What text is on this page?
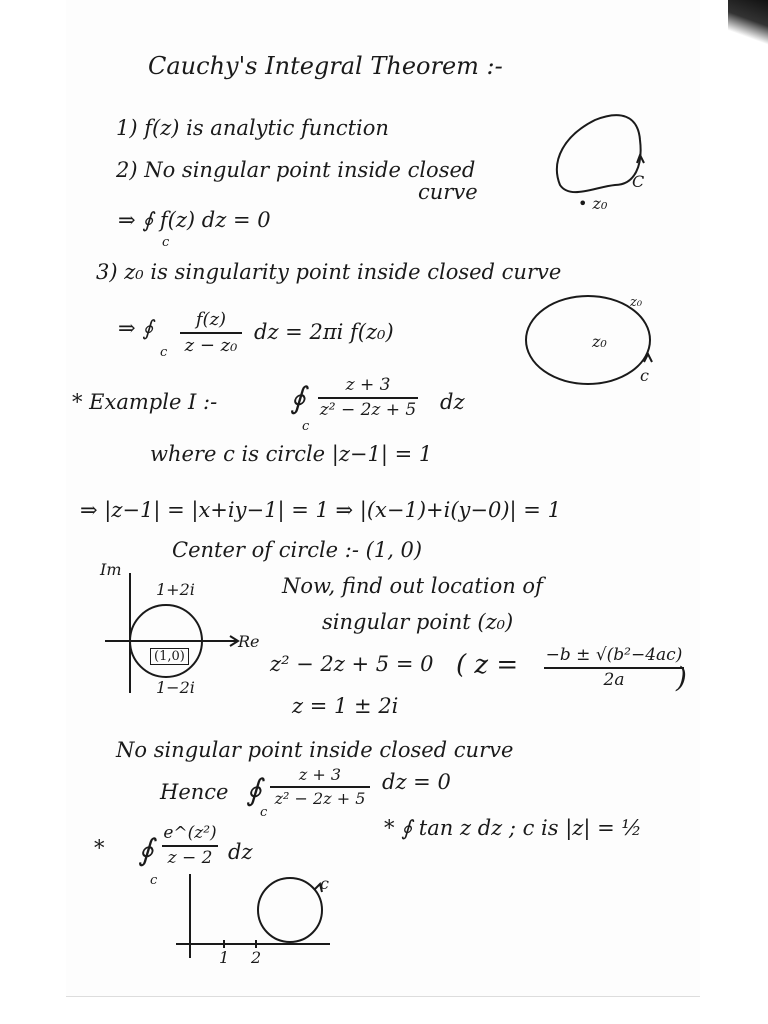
Cauchy's Integral Theorem :-
1) f(z) is analytic function
2) No singular point inside closed
curve
⇒ ∮ f(z) dz = 0
c
C
• z₀
3) z₀ is singularity point inside closed curve
⇒ ∮
c
f(z)
z − z₀
dz = 2πi f(z₀)
z₀
z₀
c
* Example I :- ∮
c
z + 3
z² − 2z + 5 dz
where c is circle |z−1| = 1
⇒ |z−1| = |x+iy−1| = 1 ⇒ |(x−1)+i(y−0)| = 1
Center of circle :- (1, 0)
Im
Re
1+2i
(1,0)
1−2i
Now, find out location of
singular point (z₀)
z² − 2z + 5 = 0 ( z = −b ± √(b²−4ac)
2a	)
z = 1 ± 2i
No singular point inside closed curve
Hence ∮
c
z + 3
z² − 2z + 5
dz = 0
* ∮
c
e^(z²)
z − 2 dz
* ∮ tan z dz ; c is |z| = ½
c
1 2
